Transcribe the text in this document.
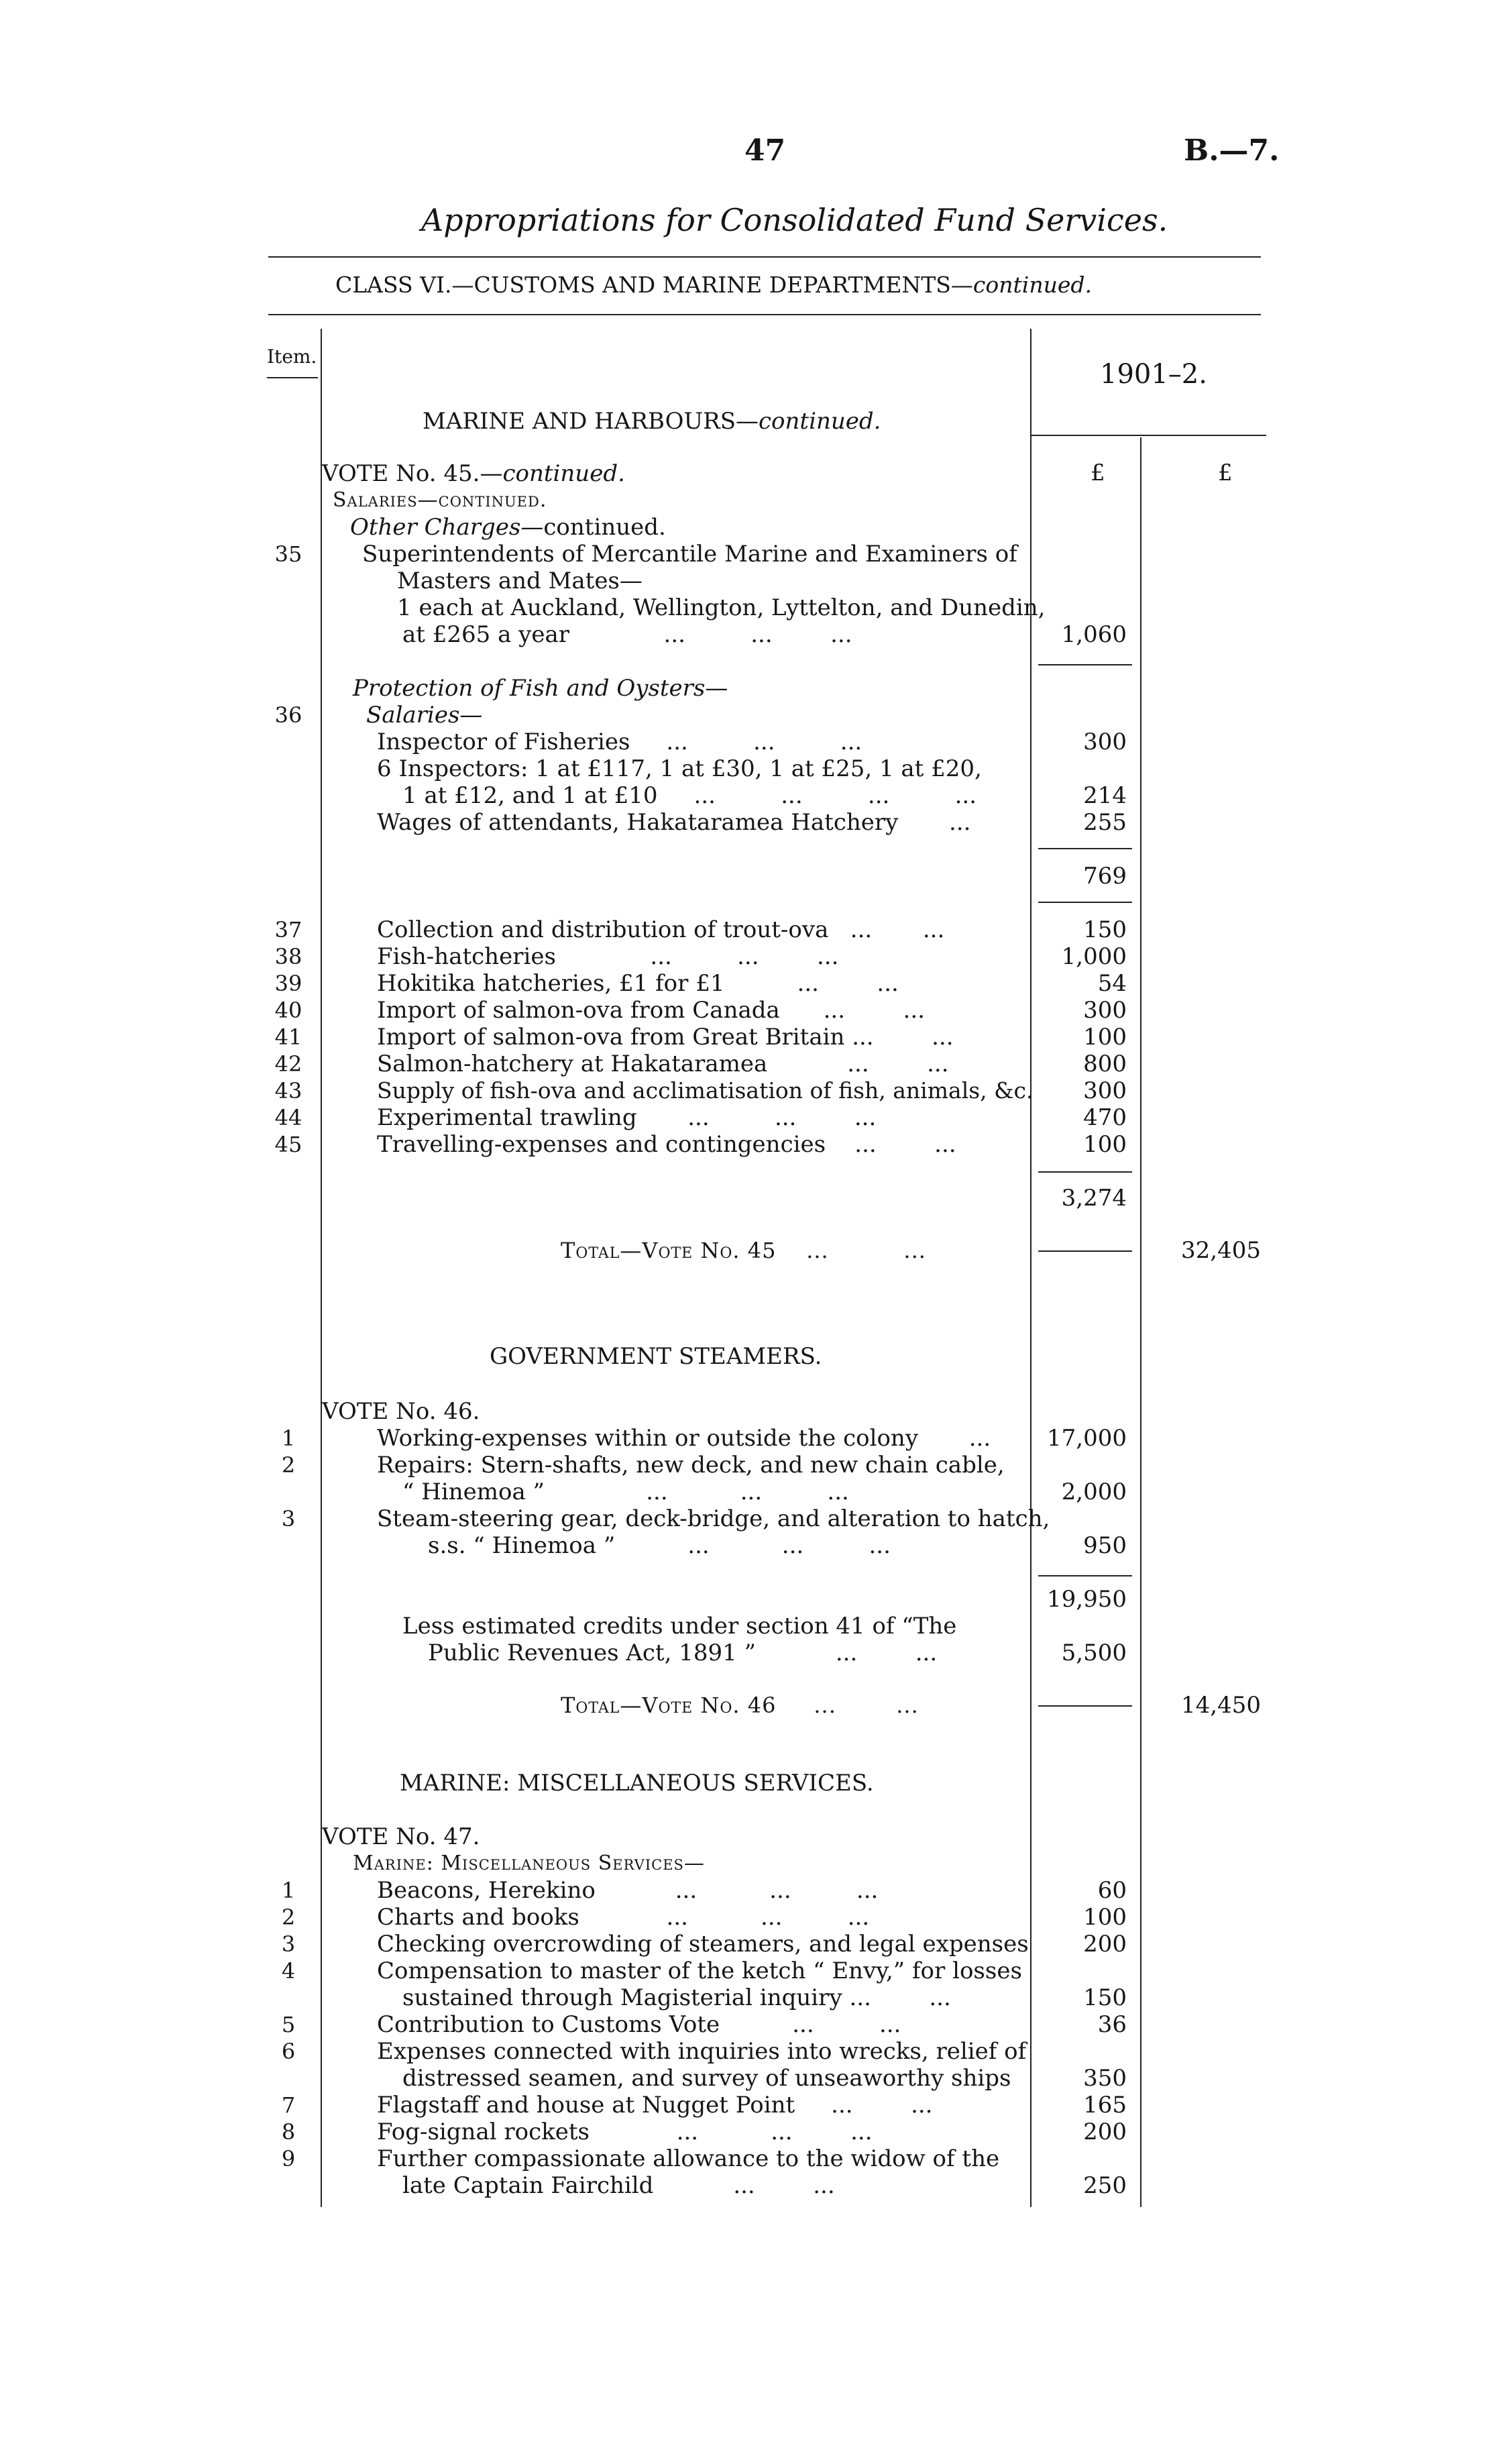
47	B.—7.
Appropriations for Consolidated Fund Services.
CLASS VI.—CUSTOMS AND MARINE DEPARTMENTS—continued.
Item.
1901–2.
£	£
MARINE AND HARBOURS—continued.
VOTE No. 45.—continued.
Salaries—continued.
Other Charges—continued.
35	Superintendents of Mercantile Marine and Examiners of
Masters and Mates—
1 each at Auckland, Wellington, Lyttelton, and Dunedin,
at £265 a year             ...         ...        ...	1,060
Protection of Fish and Oysters—
36	Salaries—
Inspector of Fisheries     ...         ...         ...	300
6 Inspectors: 1 at £117, 1 at £30, 1 at £25, 1 at £20,
1 at £12, and 1 at £10     ...         ...         ...         ...	214
Wages of attendants, Hakataramea Hatchery       ...	255
769
37	Collection and distribution of trout-ova   ...       ...	150
38	Fish-hatcheries             ...         ...        ...	1,000
39	Hokitika hatcheries, £1 for £1          ...        ...	54
40	Import of salmon-ova from Canada      ...        ...	300
41	Import of salmon-ova from Great Britain ...        ...	100
42	Salmon-hatchery at Hakataramea           ...        ...	800
43	Supply of fish-ova and acclimatisation of fish, animals, &c.	300
44	Experimental trawling       ...         ...        ...	470
45	Travelling-expenses and contingencies    ...        ...	100
3,274
Total—Vote No. 45    ...          ...	32,405
GOVERNMENT STEAMERS.
VOTE No. 46.
1	Working-expenses within or outside the colony       ...	17,000
2	Repairs: Stern-shafts, new deck, and new chain cable,
“ Hinemoa ”              ...          ...         ...	2,000
3	Steam-steering gear, deck-bridge, and alteration to hatch,
s.s. “ Hinemoa ”          ...          ...         ...	950
19,950
Less estimated credits under section 41 of “The
Public Revenues Act, 1891 ”           ...        ...	5,500
Total—Vote No. 46     ...        ...	14,450
MARINE: MISCELLANEOUS SERVICES.
VOTE No. 47.
Marine: Miscellaneous Services—
1	Beacons, Herekino           ...          ...         ...	60
2	Charts and books            ...          ...         ...	100
3	Checking overcrowding of steamers, and legal expenses	200
4	Compensation to master of the ketch “ Envy,” for losses
sustained through Magisterial inquiry ...        ...	150
5	Contribution to Customs Vote          ...         ...	36
6	Expenses connected with inquiries into wrecks, relief of
distressed seamen, and survey of unseaworthy ships	350
7	Flagstaff and house at Nugget Point     ...        ...	165
8	Fog-signal rockets            ...          ...        ...	200
9	Further compassionate allowance to the widow of the
late Captain Fairchild           ...        ...	250
